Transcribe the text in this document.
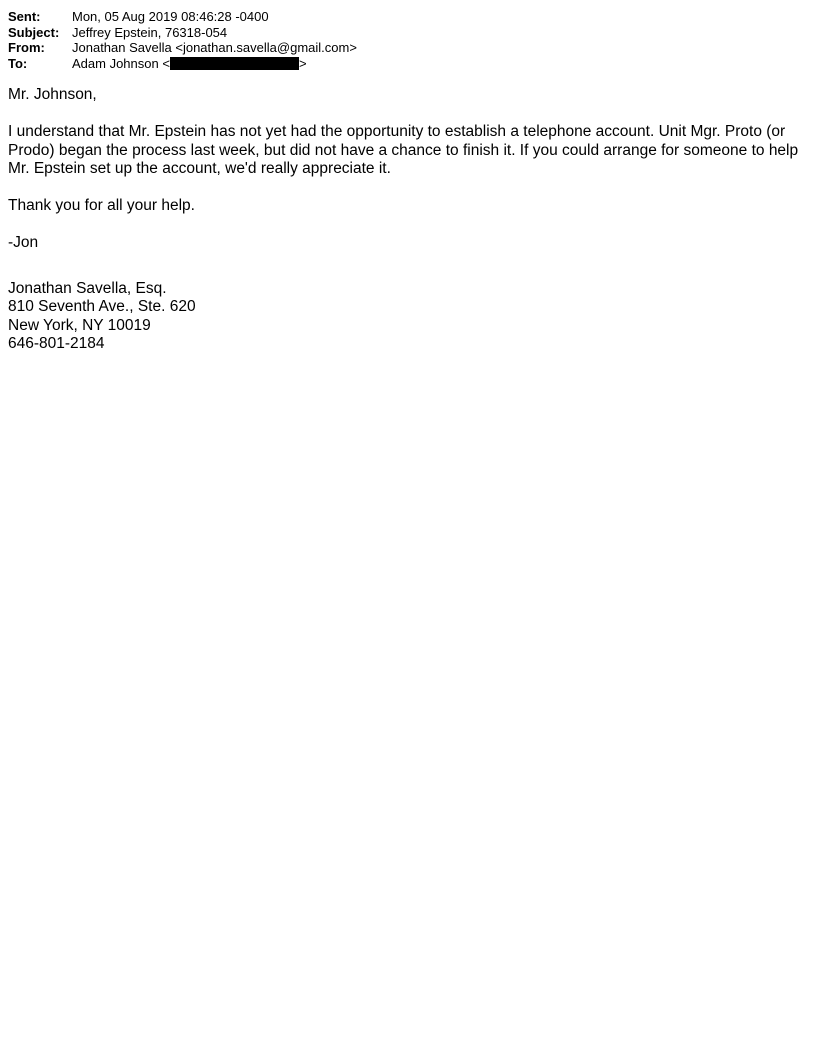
Sent:	Mon, 05 Aug 2019 08:46:28 -0400
Subject: Jeffrey Epstein, 76318-054
From:	Jonathan Savella <jonathan.savella@gmail.com>
To:	Adam Johnson <	>

Mr. Johnson,

I understand that Mr. Epstein has not yet had the opportunity to establish a telephone account. Unit Mgr. Proto (or Prodo) began the process last week, but did not have a chance to finish it. If you could arrange for someone to help Mr. Epstein set up the account, we'd really appreciate it.

Thank you for all your help.

-Jon

Jonathan Savella, Esq.
810 Seventh Ave., Ste. 620
New York, NY 10019
646-801-2184
